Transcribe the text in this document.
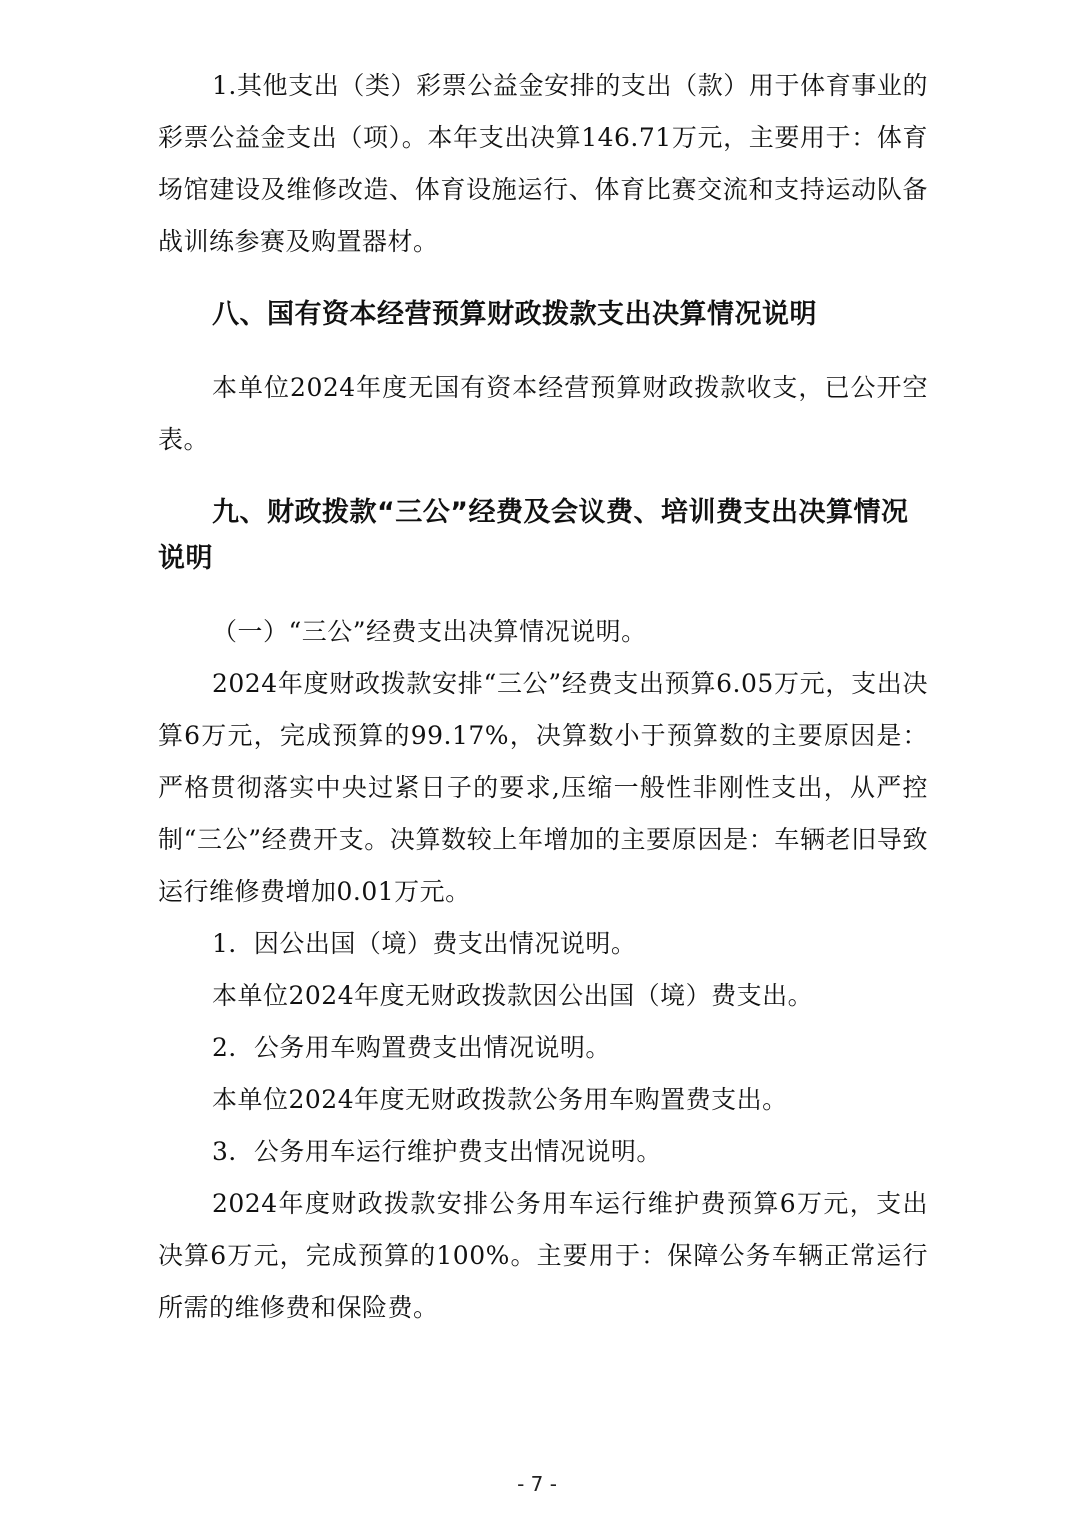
1.其他支出（类）彩票公益金安排的支出（款）用于体育事业的彩票公益金支出（项）。本年支出决算146.71万元，主要用于：体育场馆建设及维修改造、体育设施运行、体育比赛交流和支持运动队备战训练参赛及购置器材。

八、国有资本经营预算财政拨款支出决算情况说明

本单位2024年度无国有资本经营预算财政拨款收支，已公开空表。

九、财政拨款“三公”经费及会议费、培训费支出决算情况说明

（一）“三公”经费支出决算情况说明。

2024年度财政拨款安排“三公”经费支出预算6.05万元，支出决算6万元，完成预算的99.17%，决算数小于预算数的主要原因是：严格贯彻落实中央过紧日子的要求,压缩一般性非刚性支出，从严控制“三公”经费开支。决算数较上年增加的主要原因是：车辆老旧导致运行维修费增加0.01万元。

1．因公出国（境）费支出情况说明。

本单位2024年度无财政拨款因公出国（境）费支出。

2．公务用车购置费支出情况说明。

本单位2024年度无财政拨款公务用车购置费支出。

3．公务用车运行维护费支出情况说明。

2024年度财政拨款安排公务用车运行维护费预算6万元，支出决算6万元，完成预算的100%。主要用于：保障公务车辆正常运行所需的维修费和保险费。

- 7 -
